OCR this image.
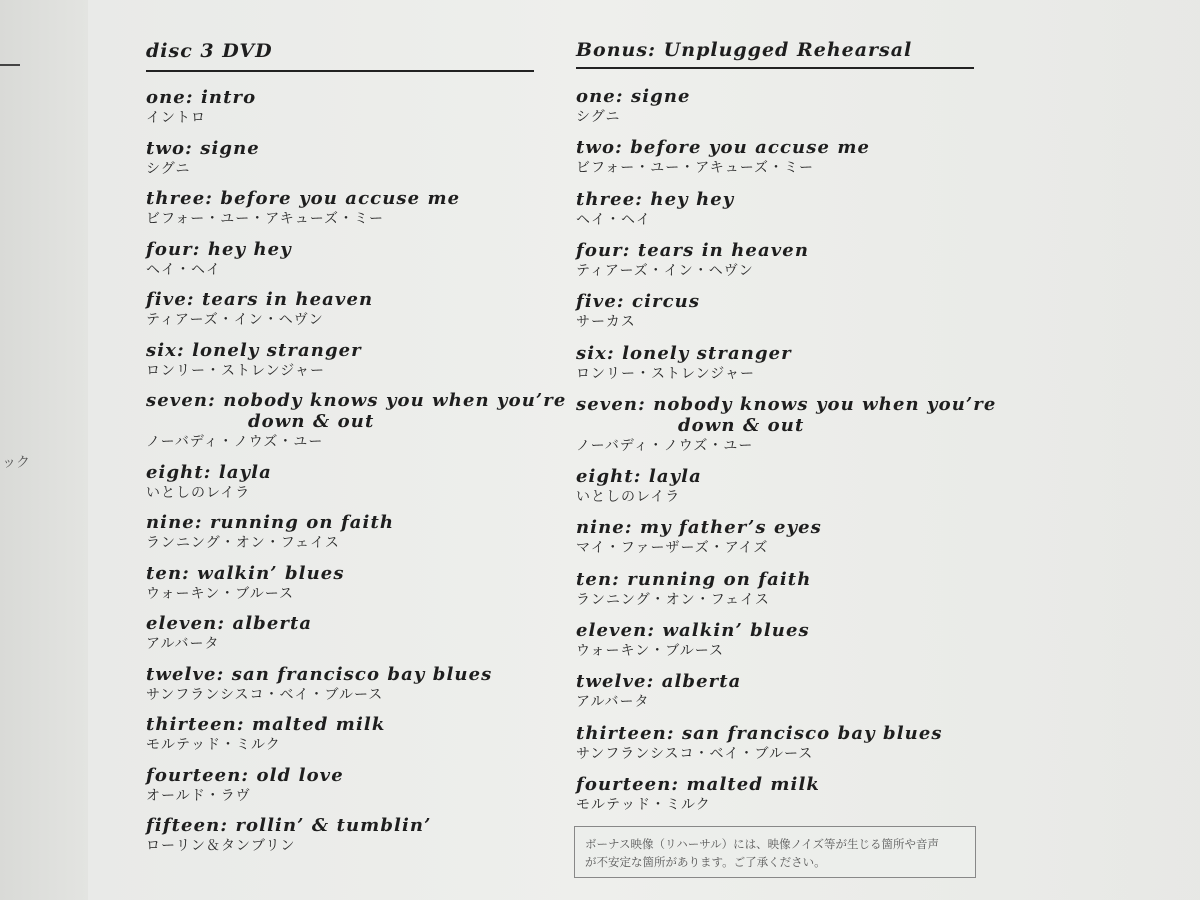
ック
disc 3 DVD
one: intro
イントロ
two: signe
シグニ
three: before you accuse me
ビフォー・ユー・アキューズ・ミー
four: hey hey
ヘイ・ヘイ
five: tears in heaven
ティアーズ・イン・ヘヴン
six: lonely stranger
ロンリー・ストレンジャー
seven: nobody knows you when you’re
down & out
ノーバディ・ノウズ・ユー
eight: layla
いとしのレイラ
nine: running on faith
ランニング・オン・フェイス
ten: walkin’ blues
ウォーキン・ブルース
eleven: alberta
アルバータ
twelve: san francisco bay blues
サンフランシスコ・ベイ・ブルース
thirteen: malted milk
モルテッド・ミルク
fourteen: old love
オールド・ラヴ
fifteen: rollin’ & tumblin’
ローリン＆タンブリン
Bonus: Unplugged Rehearsal
one: signe
シグニ
two: before you accuse me
ビフォー・ユー・アキューズ・ミー
three: hey hey
ヘイ・ヘイ
four: tears in heaven
ティアーズ・イン・ヘヴン
five: circus
サーカス
six: lonely stranger
ロンリー・ストレンジャー
seven: nobody knows you when you’re
down & out
ノーバディ・ノウズ・ユー
eight: layla
いとしのレイラ
nine: my father’s eyes
マイ・ファーザーズ・アイズ
ten: running on faith
ランニング・オン・フェイス
eleven: walkin’ blues
ウォーキン・ブルース
twelve: alberta
アルバータ
thirteen: san francisco bay blues
サンフランシスコ・ベイ・ブルース
fourteen: malted milk
モルテッド・ミルク
ボーナス映像（リハーサル）には、映像ノイズ等が生じる箇所や音声
が不安定な箇所があります。ご了承ください。
